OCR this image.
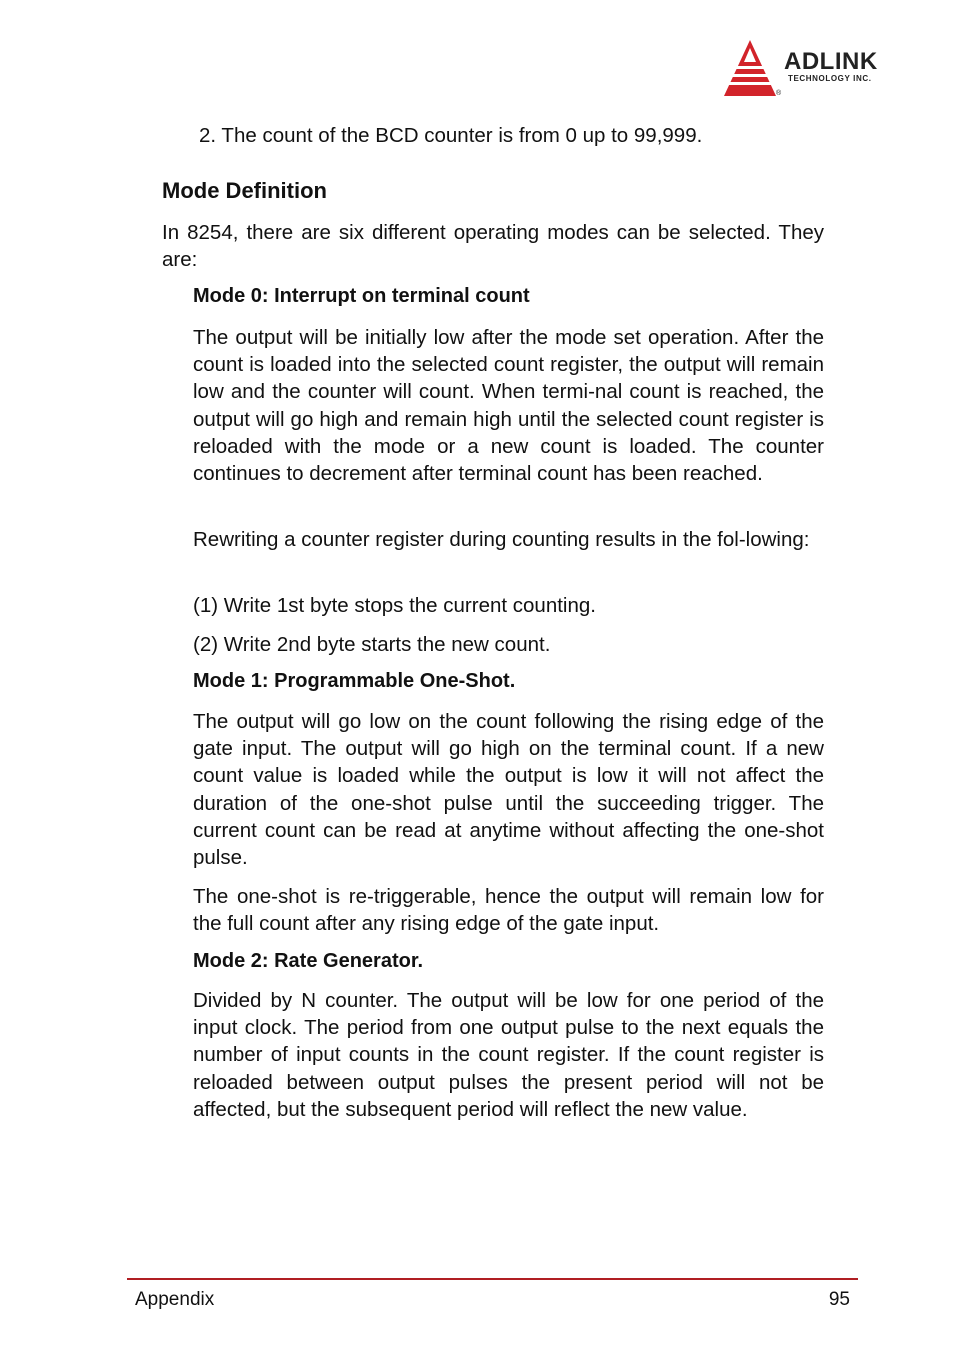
ADLINK
TECHNOLOGY INC.
®

2. The count of the BCD counter is from 0 up to 99,999.

Mode Definition

In 8254, there are six different operating modes can be selected. They are:

Mode 0: Interrupt on terminal count

The output will be initially low after the mode set operation. After the count is loaded into the selected count register, the output will remain low and the counter will count. When termi-nal count is reached, the output will go high and remain high until the selected count register is reloaded with the mode or a new count is loaded. The counter continues to decrement after terminal count has been reached.

Rewriting a counter register during counting results in the fol-lowing:

(1) Write 1st byte stops the current counting.

(2) Write 2nd byte starts the new count.

Mode 1: Programmable One-Shot.

The output will go low on the count following the rising edge of the gate input. The output will go high on the terminal count. If a new count value is loaded while the output is low it will not affect the duration of the one-shot pulse until the succeeding trigger. The current count can be read at anytime without affecting the one-shot pulse.

The one-shot is re-triggerable, hence the output will remain low for the full count after any rising edge of the gate input.

Mode 2: Rate Generator.

Divided by N counter. The output will be low for one period of the input clock. The period from one output pulse to the next equals the number of input counts in the count register. If the count register is reloaded between output pulses the present period will not be affected, but the subsequent period will reflect the new value.

Appendix	95
